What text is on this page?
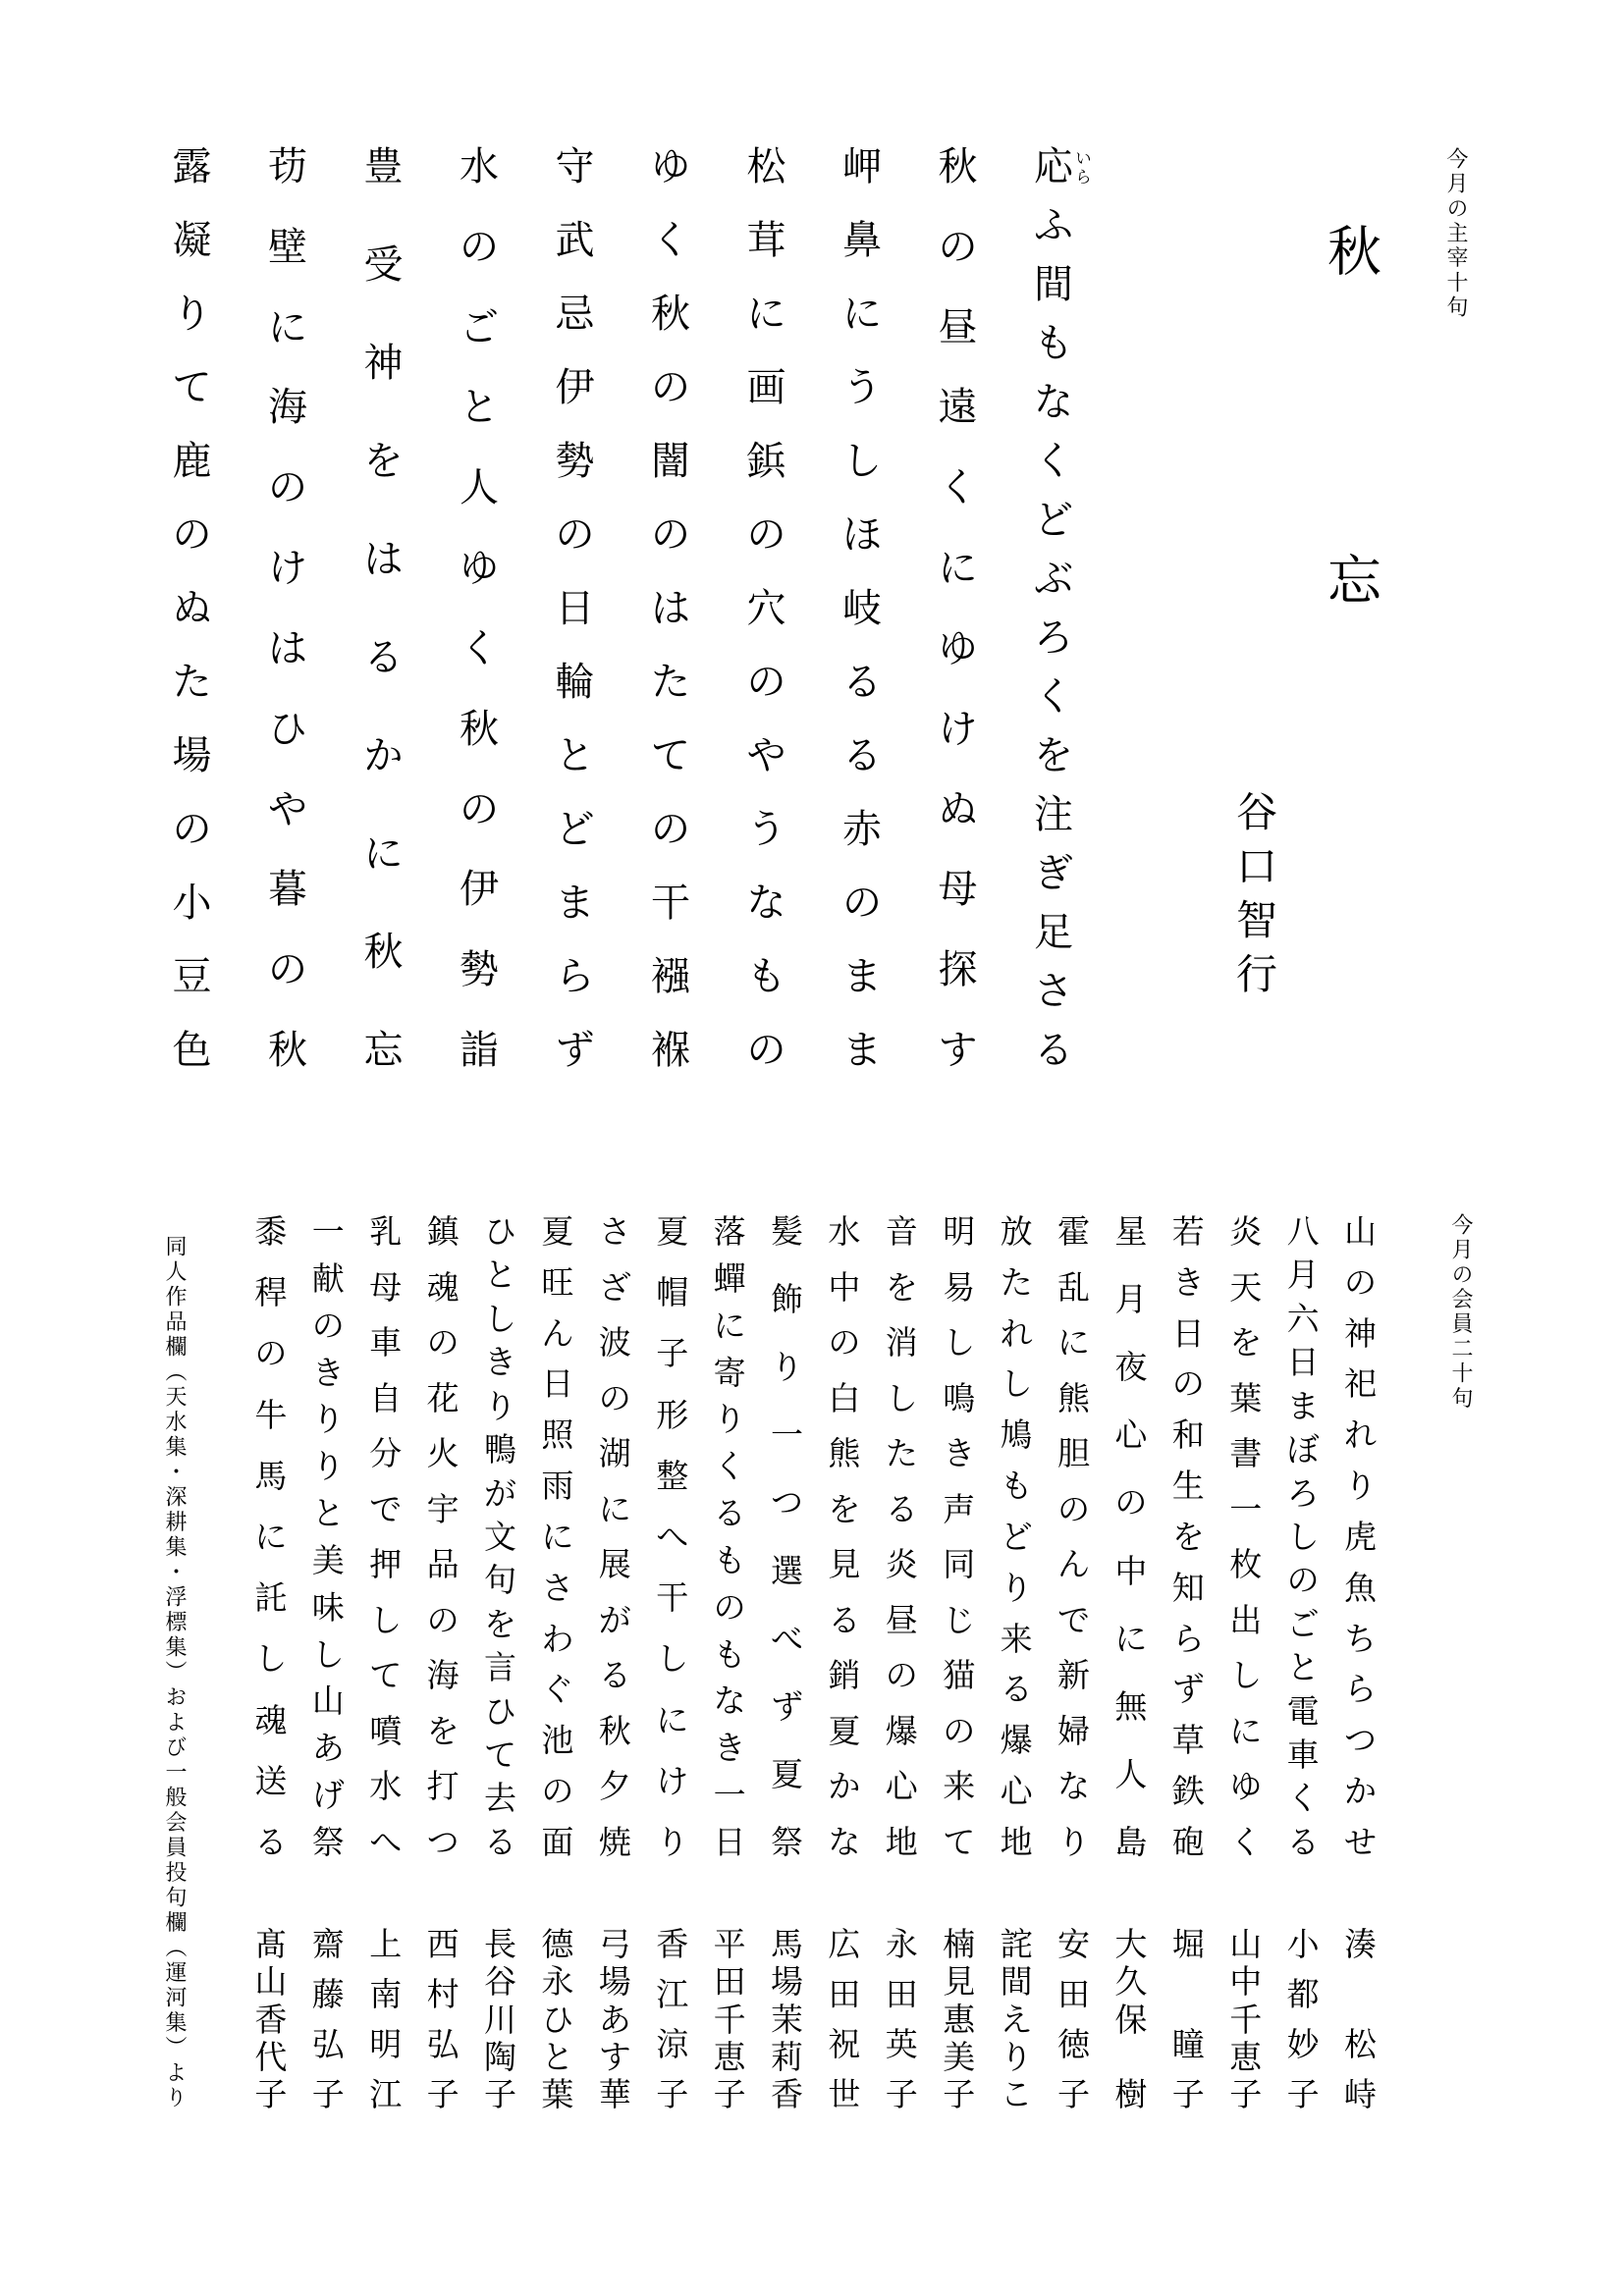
今月の主宰十句
秋忘
谷口智行
応 いら
ふ
間
も
な
く
ど
ぶ
ろ
く
を
注
ぎ
足
さ
る
秋
の
昼
遠
く
に
ゆ
け
ぬ
母
探
す
岬
鼻
に
う
し
ほ
岐
る
る
赤
の
ま
ま
松
茸
に
画
鋲
の
穴
の
や
う
な
も
の
ゆ
く
秋
の
闇
の
は
た
て
の
干
襁
褓
守
武
忌
伊
勢
の
日
輪
と
ど
ま
ら
ず
水
の
ご
と
人
ゆ
く
秋
の
伊
勢
詣
豊
受
神
を
は
る
か
に
秋
忘
苆
壁
に
海
の
け
は
ひ
や
暮
の
秋
露
凝
り
て
鹿
の
ぬ
た
場
の
小
豆
色
今月の会員二十句
山
の
神
祀
れ
り
虎
魚
ち
ら
つ
か
せ
湊

松
峙
八
月
六
日
ま
ぼ
ろ
し
の
ご
と
電
車
く
る
小
都
妙
子
炎
天
を
葉
書
一
枚
出
し
に
ゆ
く
山
中
千
恵
子
若
き
日
の
和
生
を
知
ら
ず
草
鉄
砲
堀

瞳
子
星
月
夜
心
の
中
に
無
人
島
大
久
保

樹
霍
乱
に
熊
胆
の
ん
で
新
婦
な
り
安
田
徳
子
放
た
れ
し
鳩
も
ど
り
来
る
爆
心
地
詫
間
え
り
こ
明
易
し
鳴
き
声
同
じ
猫
の
来
て
楠
見
惠
美
子
音
を
消
し
た
る
炎
昼
の
爆
心
地
永
田
英
子
水
中
の
白
熊
を
見
る
銷
夏
か
な
広
田
祝
世
髪
飾
り
一
つ
選
べ
ず
夏
祭
馬
場
茉
莉
香
落
蟬
に
寄
り
く
る
も
の
も
な
き
一
日
平
田
千
恵
子
夏
帽
子
形
整
へ
干
し
に
け
り
香
江
涼
子
さ
ざ
波
の
湖
に
展
が
る
秋
夕
焼
弓
場
あ
す
華
夏
旺
ん
日
照
雨
に
さ
わ
ぐ
池
の
面
德
永
ひ
と
葉
ひ
と
し
き
り
鴨
が
文
句
を
言
ひ
て
去
る
長
谷
川
陶
子
鎮
魂
の
花
火
宇
品
の
海
を
打
つ
西
村
弘
子
乳
母
車
自
分
で
押
し
て
噴
水
へ
上
南
明
江
一
献
の
き
り
り
と
美
味
し
山
あ
げ
祭
齋
藤
弘
子
黍
稈
の
牛
馬
に
託
し
魂
送
る
髙
山
香
代
子
同人作品欄（天水集・深耕集・浮標集）および一般会員投句欄（運河集）より
